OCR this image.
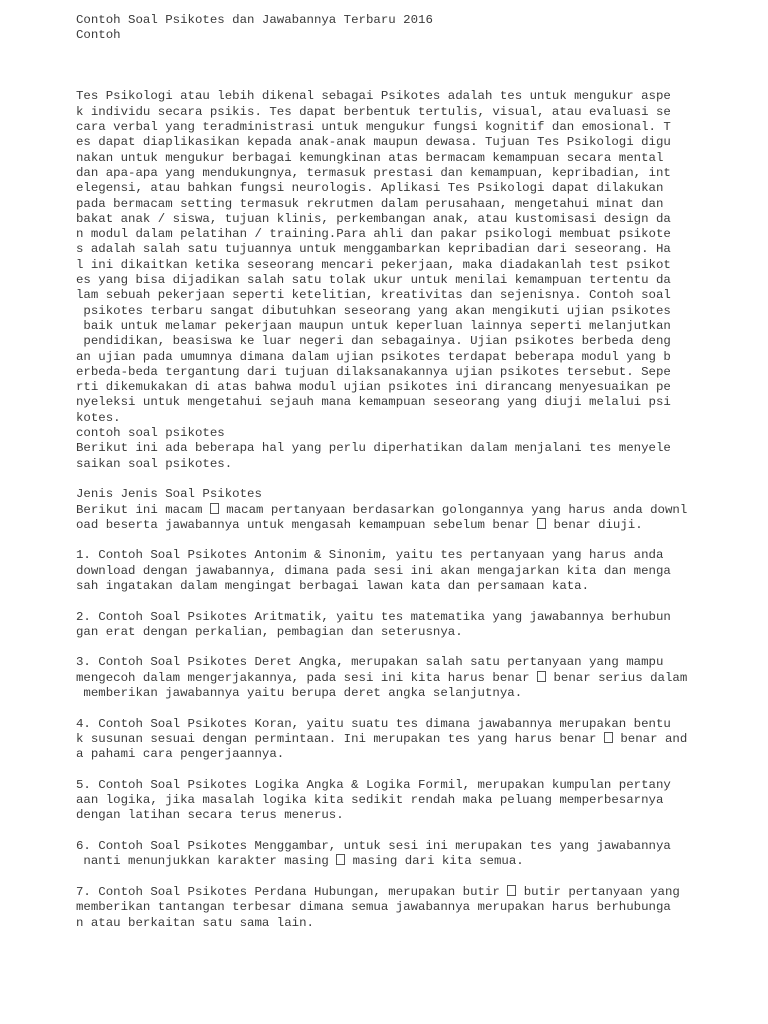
Contoh Soal Psikotes dan Jawabannya Terbaru 2016
Contoh
Tes Psikologi atau lebih dikenal sebagai Psikotes adalah tes untuk mengukur aspe
k individu secara psikis. Tes dapat berbentuk tertulis, visual, atau evaluasi se
cara verbal yang teradministrasi untuk mengukur fungsi kognitif dan emosional. T
es dapat diaplikasikan kepada anak-anak maupun dewasa. Tujuan Tes Psikologi digu
nakan untuk mengukur berbagai kemungkinan atas bermacam kemampuan secara mental
dan apa-apa yang mendukungnya, termasuk prestasi dan kemampuan, kepribadian, int
elegensi, atau bahkan fungsi neurologis. Aplikasi Tes Psikologi dapat dilakukan
pada bermacam setting termasuk rekrutmen dalam perusahaan, mengetahui minat dan
bakat anak / siswa, tujuan klinis, perkembangan anak, atau kustomisasi design da
n modul dalam pelatihan / training.Para ahli dan pakar psikologi membuat psikote
s adalah salah satu tujuannya untuk menggambarkan kepribadian dari seseorang. Ha
l ini dikaitkan ketika seseorang mencari pekerjaan, maka diadakanlah test psikot
es yang bisa dijadikan salah satu tolak ukur untuk menilai kemampuan tertentu da
lam sebuah pekerjaan seperti ketelitian, kreativitas dan sejenisnya. Contoh soal
psikotes terbaru sangat dibutuhkan seseorang yang akan mengikuti ujian psikotes
baik untuk melamar pekerjaan maupun untuk keperluan lainnya seperti melanjutkan
pendidikan, beasiswa ke luar negeri dan sebagainya. Ujian psikotes berbeda deng
an ujian pada umumnya dimana dalam ujian psikotes terdapat beberapa modul yang b
erbeda-beda tergantung dari tujuan dilaksanakannya ujian psikotes tersebut. Sepe
rti dikemukakan di atas bahwa modul ujian psikotes ini dirancang menyesuaikan pe
nyeleksi untuk mengetahui sejauh mana kemampuan seseorang yang diuji melalui psi
kotes.
contoh soal psikotes
Berikut ini ada beberapa hal yang perlu diperhatikan dalam menjalani tes menyele
saikan soal psikotes.
Jenis Jenis Soal Psikotes
Berikut ini macam  macam pertanyaan berdasarkan golongannya yang harus anda downl
oad beserta jawabannya untuk mengasah kemampuan sebelum benar  benar diuji.
1. Contoh Soal Psikotes Antonim & Sinonim, yaitu tes pertanyaan yang harus anda
download dengan jawabannya, dimana pada sesi ini akan mengajarkan kita dan menga
sah ingatakan dalam mengingat berbagai lawan kata dan persamaan kata.
2. Contoh Soal Psikotes Aritmatik, yaitu tes matematika yang jawabannya berhubun
gan erat dengan perkalian, pembagian dan seterusnya.
3. Contoh Soal Psikotes Deret Angka, merupakan salah satu pertanyaan yang mampu
mengecoh dalam mengerjakannya, pada sesi ini kita harus benar  benar serius dalam
memberikan jawabannya yaitu berupa deret angka selanjutnya.
4. Contoh Soal Psikotes Koran, yaitu suatu tes dimana jawabannya merupakan bentu
k susunan sesuai dengan permintaan. Ini merupakan tes yang harus benar  benar and
a pahami cara pengerjaannya.
5. Contoh Soal Psikotes Logika Angka & Logika Formil, merupakan kumpulan pertany
aan logika, jika masalah logika kita sedikit rendah maka peluang memperbesarnya
dengan latihan secara terus menerus.
6. Contoh Soal Psikotes Menggambar, untuk sesi ini merupakan tes yang jawabannya
nanti menunjukkan karakter masing  masing dari kita semua.
7. Contoh Soal Psikotes Perdana Hubungan, merupakan butir  butir pertanyaan yang
memberikan tantangan terbesar dimana semua jawabannya merupakan harus berhubunga
n atau berkaitan satu sama lain.
